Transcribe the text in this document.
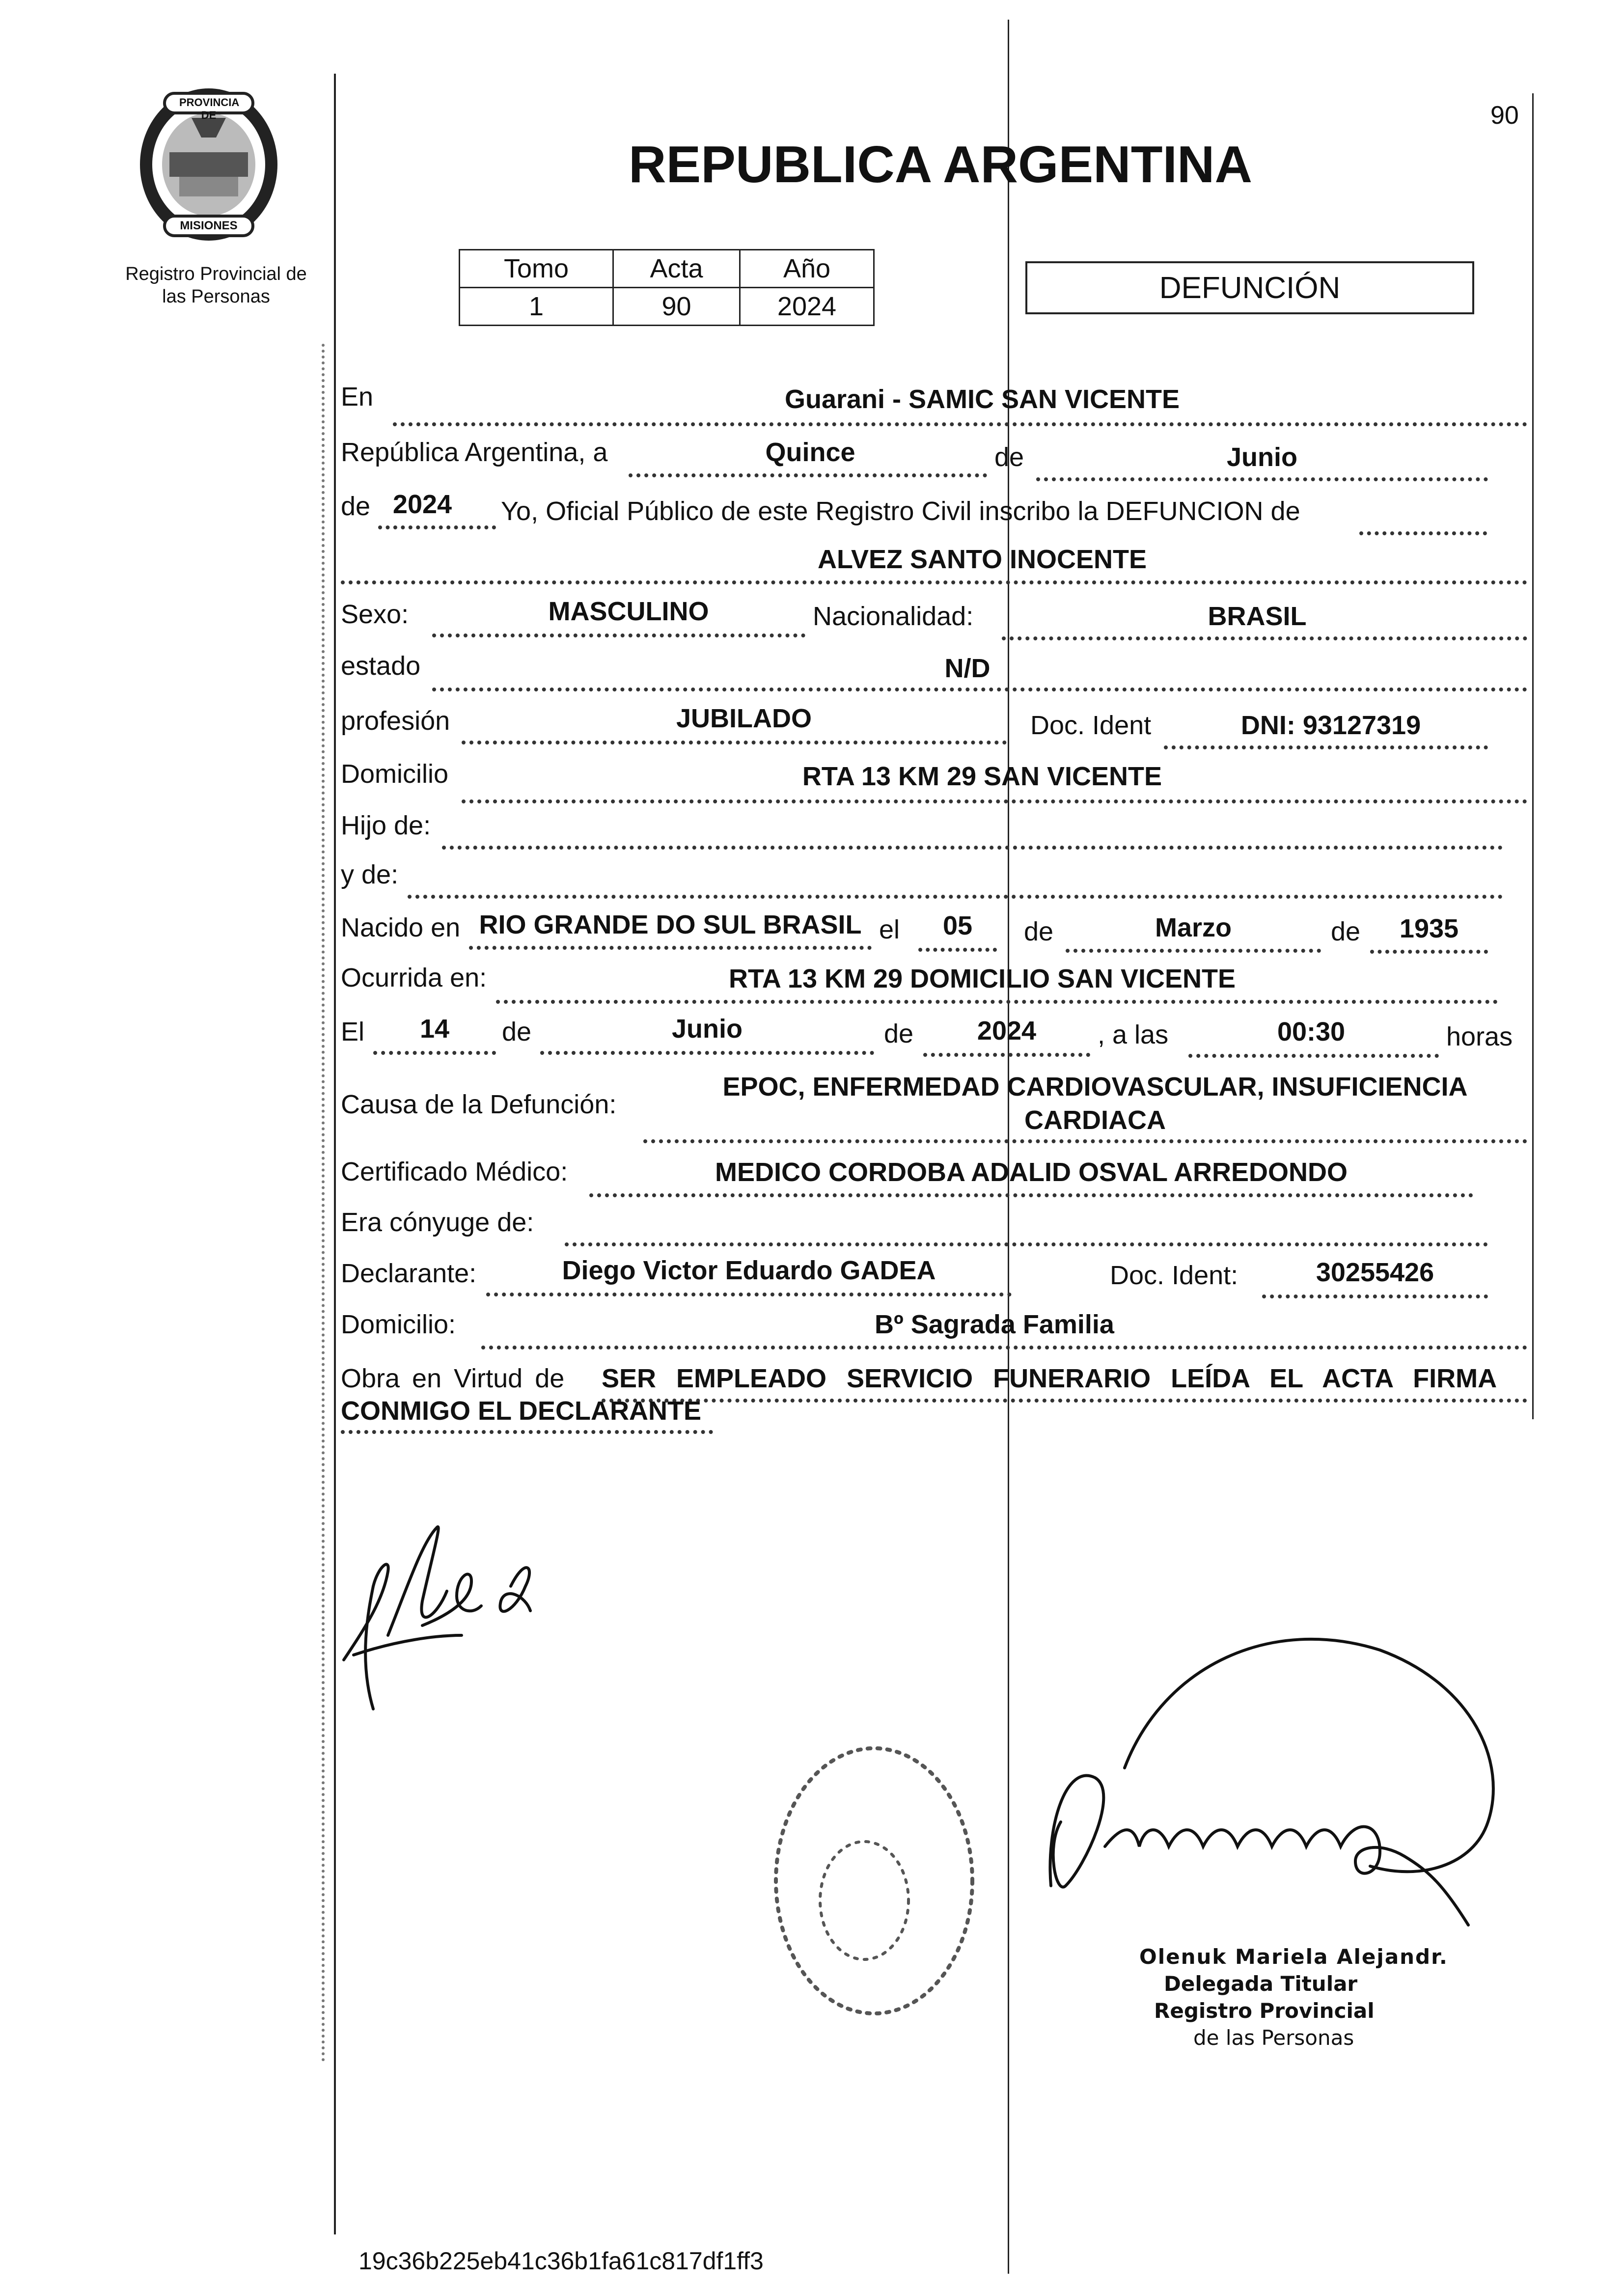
PROVINCIA DE
MISIONES
Registro Provincial de las Personas
90
REPUBLICA ARGENTINA
Tomo	Acta	Año
1	90	2024
DEFUNCIÓN
En	Guarani - SAMIC SAN VICENTE
República Argentina, a	Quince	de	Junio
de 2024	Yo, Oficial Público de este Registro Civil inscribo la DEFUNCION de
ALVEZ SANTO INOCENTE
Sexo:	MASCULINO	Nacionalidad:	BRASIL
estado	N/D
profesión	JUBILADO	Doc. Ident	DNI: 93127319
Domicilio	RTA 13 KM 29 SAN VICENTE
Hijo de:
y de:
Nacido en RIO GRANDE DO SUL BRASIL el	05	de	Marzo	de	1935
Ocurrida en:	RTA 13 KM 29 DOMICILIO SAN VICENTE
El	14	de	Junio	de	2024	, a las	00:30	horas
Causa de la Defunción:
EPOC, ENFERMEDAD CARDIOVASCULAR, INSUFICIENCIA
CARDIACA
Certificado Médico:	MEDICO CORDOBA ADALID OSVAL ARREDONDO
Era cónyuge de:
Declarante:	Diego Victor Eduardo GADEA	Doc. Ident:	30255426
Domicilio:	Bº Sagrada Familia
Obra en Virtud de SER EMPLEADO SERVICIO FUNERARIO LEÍDA EL ACTA FIRMA
CONMIGO EL DECLARANTE
Olenuk Mariela Alejandr.
Delegada Titular
Registro Provincial
de las Personas
19c36b225eb41c36b1fa61c817df1ff3
